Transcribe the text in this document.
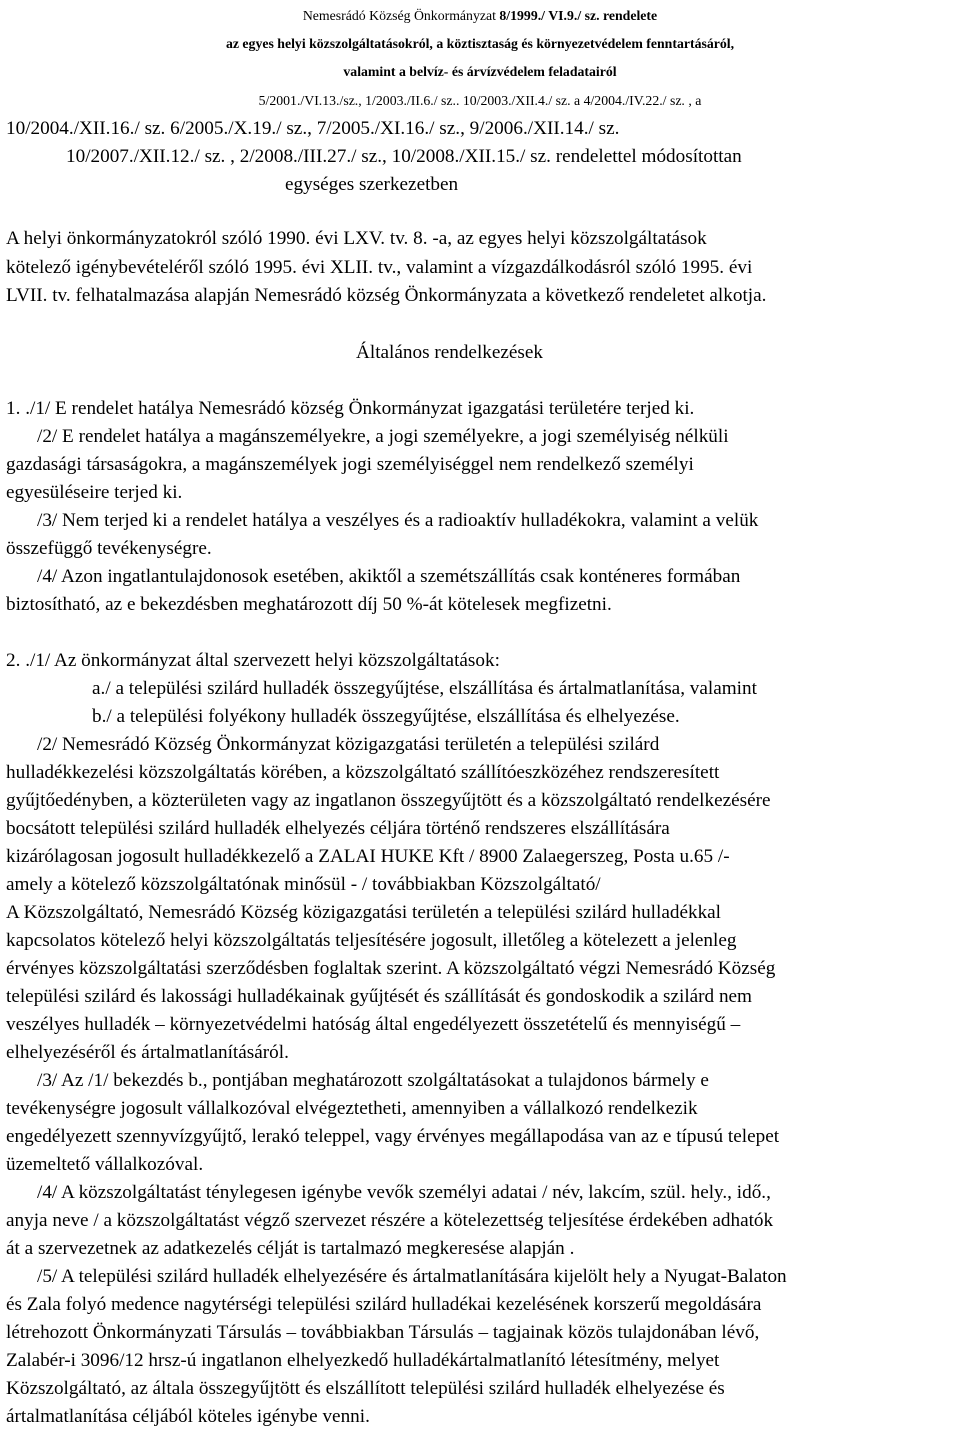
Nemesrádó Község Önkormányzat 8/1999./ VI.9./ sz. rendelete
az egyes helyi közszolgáltatásokról, a köztisztaság és környezetvédelem fenntartásáról,
valamint a belvíz- és árvízvédelem feladatairól
5/2001./VI.13./sz., 1/2003./II.6./ sz.. 10/2003./XII.4./ sz. a 4/2004./IV.22./ sz. , a
10/2004./XII.16./ sz. 6/2005./X.19./ sz., 7/2005./XI.16./ sz., 9/2006./XII.14./ sz.
10/2007./XII.12./ sz. , 2/2008./III.27./ sz., 10/2008./XII.15./ sz. rendelettel módosítottan
egységes szerkezetben
A helyi önkormányzatokról szóló 1990. évi LXV. tv. 8. -a, az egyes helyi közszolgáltatások
kötelező igénybevételéről szóló 1995. évi XLII. tv., valamint a vízgazdálkodásról szóló 1995. évi
LVII. tv. felhatalmazása alapján Nemesrádó község Önkormányzata a következő rendeletet alkotja.
Általános rendelkezések
1. ./1/ E rendelet hatálya Nemesrádó község Önkormányzat igazgatási területére terjed ki.
/2/ E rendelet hatálya a magánszemélyekre, a jogi személyekre, a jogi személyiség nélküli
gazdasági társaságokra, a magánszemélyek jogi személyiséggel nem rendelkező személyi
egyesüléseire terjed ki.
/3/ Nem terjed ki a rendelet hatálya a veszélyes és a radioaktív hulladékokra, valamint a velük
összefüggő tevékenységre.
/4/ Azon ingatlantulajdonosok esetében, akiktől a szemétszállítás csak konténeres formában
biztosítható, az e bekezdésben meghatározott díj 50 %-át kötelesek megfizetni.
2. ./1/ Az önkormányzat által szervezett helyi közszolgáltatások:
a./ a települési szilárd hulladék összegyűjtése, elszállítása és ártalmatlanítása, valamint
b./ a települési folyékony hulladék összegyűjtése, elszállítása és elhelyezése.
/2/ Nemesrádó Község Önkormányzat közigazgatási területén a települési szilárd
hulladékkezelési közszolgáltatás körében, a közszolgáltató szállítóeszközéhez rendszeresített
gyűjtőedényben, a közterületen vagy az ingatlanon összegyűjtött és a közszolgáltató rendelkezésére
bocsátott települési szilárd hulladék elhelyezés céljára történő rendszeres elszállítására
kizárólagosan jogosult hulladékkezelő a ZALAI HUKE Kft / 8900 Zalaegerszeg, Posta u.65 /-
amely a kötelező közszolgáltatónak minősül - / továbbiakban Közszolgáltató/
A Közszolgáltató, Nemesrádó Község közigazgatási területén a települési szilárd hulladékkal
kapcsolatos kötelező helyi közszolgáltatás teljesítésére jogosult, illetőleg a kötelezett a jelenleg
érvényes közszolgáltatási szerződésben foglaltak szerint. A közszolgáltató végzi Nemesrádó Község
települési szilárd és lakossági hulladékainak gyűjtését és szállítását és gondoskodik a szilárd nem
veszélyes hulladék – környezetvédelmi hatóság által engedélyezett összetételű és mennyiségű –
elhelyezéséről és ártalmatlanításáról.
/3/ Az /1/ bekezdés b., pontjában meghatározott szolgáltatásokat a tulajdonos bármely e
tevékenységre jogosult vállalkozóval elvégeztetheti, amennyiben a vállalkozó rendelkezik
engedélyezett szennyvízgyűjtő, lerakó teleppel, vagy érvényes megállapodása van az e típusú telepet
üzemeltető vállalkozóval.
/4/ A közszolgáltatást ténylegesen igénybe vevők személyi adatai / név, lakcím, szül. hely., idő.,
anyja neve / a közszolgáltatást végző szervezet részére a kötelezettség teljesítése érdekében adhatók
át a szervezetnek az adatkezelés célját is tartalmazó megkeresése alapján .
/5/ A települési szilárd hulladék elhelyezésére és ártalmatlanítására kijelölt hely a Nyugat-Balaton
és Zala folyó medence nagytérségi települési szilárd hulladékai kezelésének korszerű megoldására
létrehozott Önkormányzati Társulás – továbbiakban Társulás – tagjainak közös tulajdonában lévő,
Zalabér-i 3096/12 hrsz-ú ingatlanon elhelyezkedő hulladékártalmatlanító létesítmény, melyet
Közszolgáltató, az általa összegyűjtött és elszállított települési szilárd hulladék elhelyezése és
ártalmatlanítása céljából köteles igénybe venni.
